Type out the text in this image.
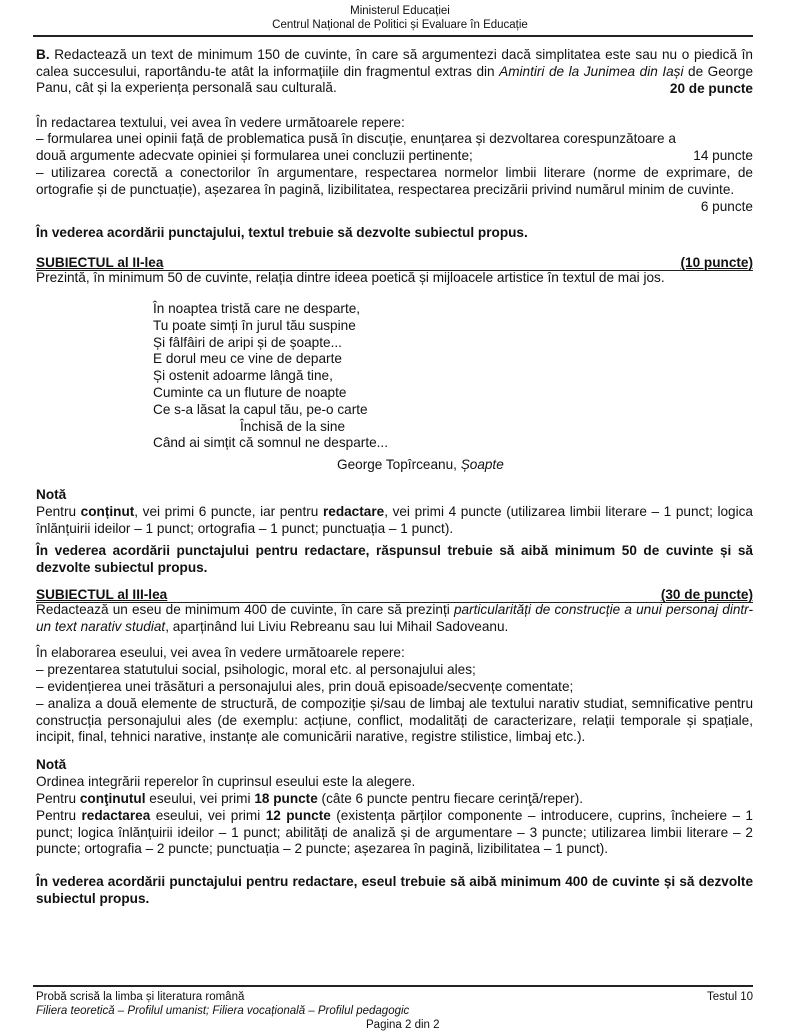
Ministerul Educației
Centrul Național de Politici și Evaluare în Educație
B. Redactează un text de minimum 150 de cuvinte, în care să argumentezi dacă simplitatea este sau nu o piedică în calea succesului, raportându-te atât la informațiile din fragmentul extras din Amintiri de la Junimea din Iași de George Panu, cât și la experiența personală sau culturală.	20 de puncte
În redactarea textului, vei avea în vedere următoarele repere:
– formularea unei opinii față de problematica pusă în discuție, enunțarea și dezvoltarea corespunzătoare a două argumente adecvate opiniei și formularea unei concluzii pertinente;	14 puncte
– utilizarea corectă a conectorilor în argumentare, respectarea normelor limbii literare (norme de exprimare, de ortografie și de punctuație), așezarea în pagină, lizibilitatea, respectarea precizării privind numărul minim de cuvinte.
6 puncte
În vederea acordării punctajului, textul trebuie să dezvolte subiectul propus.
SUBIECTUL al II-lea	(10 puncte)
Prezintă, în minimum 50 de cuvinte, relația dintre ideea poetică și mijloacele artistice în textul de mai jos.
În noaptea tristă care ne desparte,
Tu poate simți în jurul tău suspine
Și fâlfâiri de aripi și de șoapte...
E dorul meu ce vine de departe
Și ostenit adoarme lângă tine,
Cuminte ca un fluture de noapte
Ce s-a lăsat la capul tău, pe-o carte
Închisă de la sine
Când ai simțit că somnul ne desparte...
George Topîrceanu, Șoapte
Notă
Pentru conținut, vei primi 6 puncte, iar pentru redactare, vei primi 4 puncte (utilizarea limbii literare – 1 punct; logica înlănțuirii ideilor – 1 punct; ortografia – 1 punct; punctuația – 1 punct).
În vederea acordării punctajului pentru redactare, răspunsul trebuie să aibă minimum 50 de cuvinte și să dezvolte subiectul propus.
SUBIECTUL al III-lea	(30 de puncte)
Redactează un eseu de minimum 400 de cuvinte, în care să prezinți particularități de construcție a unui personaj dintr-un text narativ studiat, aparținând lui Liviu Rebreanu sau lui Mihail Sadoveanu.
În elaborarea eseului, vei avea în vedere următoarele repere:
– prezentarea statutului social, psihologic, moral etc. al personajului ales;
– evidențierea unei trăsături a personajului ales, prin două episoade/secvențe comentate;
– analiza a două elemente de structură, de compoziție și/sau de limbaj ale textului narativ studiat, semnificative pentru construcția personajului ales (de exemplu: acțiune, conflict, modalități de caracterizare, relații temporale și spațiale, incipit, final, tehnici narative, instanțe ale comunicării narative, registre stilistice, limbaj etc.).
Notă
Ordinea integrării reperelor în cuprinsul eseului este la alegere.
Pentru conţinutul eseului, vei primi 18 puncte (câte 6 puncte pentru fiecare cerinţă/reper).
Pentru redactarea eseului, vei primi 12 puncte (existența părților componente – introducere, cuprins, încheiere – 1 punct; logica înlănțuirii ideilor – 1 punct; abilități de analiză și de argumentare – 3 puncte; utilizarea limbii literare – 2 puncte; ortografia – 2 puncte; punctuația – 2 puncte; așezarea în pagină, lizibilitatea – 1 punct).
În vederea acordării punctajului pentru redactare, eseul trebuie să aibă minimum 400 de cuvinte și să dezvolte subiectul propus.
Probă scrisă la limba și literatura română	Testul 10
Filiera teoretică – Profilul umanist; Filiera vocațională – Profilul pedagogic
Pagina 2 din 2
